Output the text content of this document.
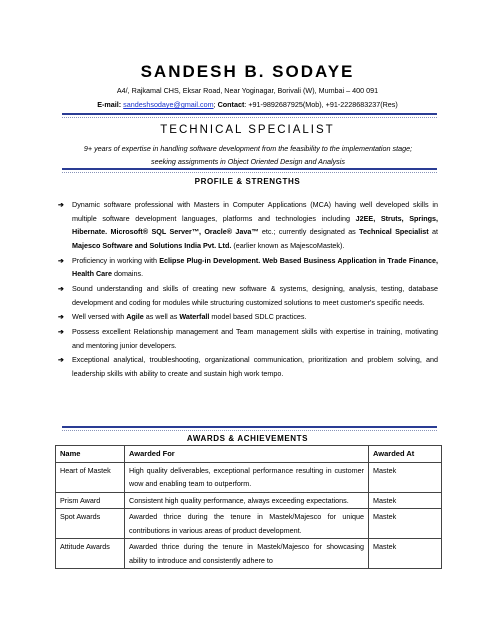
SANDESH B. SODAYE
A4/, Rajkamal CHS, Eksar Road, Near Yoginagar, Borivali (W), Mumbai – 400 091
E-mail: sandeshsodaye@gmail.com; Contact: +91-9892687925(Mob), +91-2228683237(Res)
TECHNICAL SPECIALIST
9+ years of expertise in handling software development from the feasibility to the implementation stage;
seeking assignments in Object Oriented Design and Analysis
PROFILE & STRENGTHS
➔ Dynamic software professional with Masters in Computer Applications (MCA) having well developed skills in multiple software development languages, platforms and technologies including J2EE, Struts, Springs, Hibernate. Microsoft® SQL Server™, Oracle® Java™ etc.; currently designated as Technical Specialist at Majesco Software and Solutions India Pvt. Ltd. (earlier known as MajescoMastek).
➔ Proficiency in working with Eclipse Plug-in Development. Web Based Business Application in Trade Finance, Health Care domains.
➔ Sound understanding and skills of creating new software & systems, designing, analysis, testing, database development and coding for modules while structuring customized solutions to meet customer's specific needs.
➔ Well versed with Agile as well as Waterfall model based SDLC practices.
➔ Possess excellent Relationship management and Team management skills with expertise in training, motivating and mentoring junior developers.
➔ Exceptional analytical, troubleshooting, organizational communication, prioritization and problem solving, and leadership skills with ability to create and sustain high work tempo.
AWARDS & ACHIEVEMENTS
Name	Awarded For	Awarded At
Heart of Mastek	High quality deliverables, exceptional performance resulting in customer wow and enabling team to outperform.	Mastek
Prism Award	Consistent high quality performance, always exceeding expectations.	Mastek
Spot Awards	Awarded thrice during the tenure in Mastek/Majesco for unique contributions in various areas of product development.	Mastek
Attitude Awards	Awarded thrice during the tenure in Mastek/Majesco for showcasing ability to introduce and consistently adhere to	Mastek
